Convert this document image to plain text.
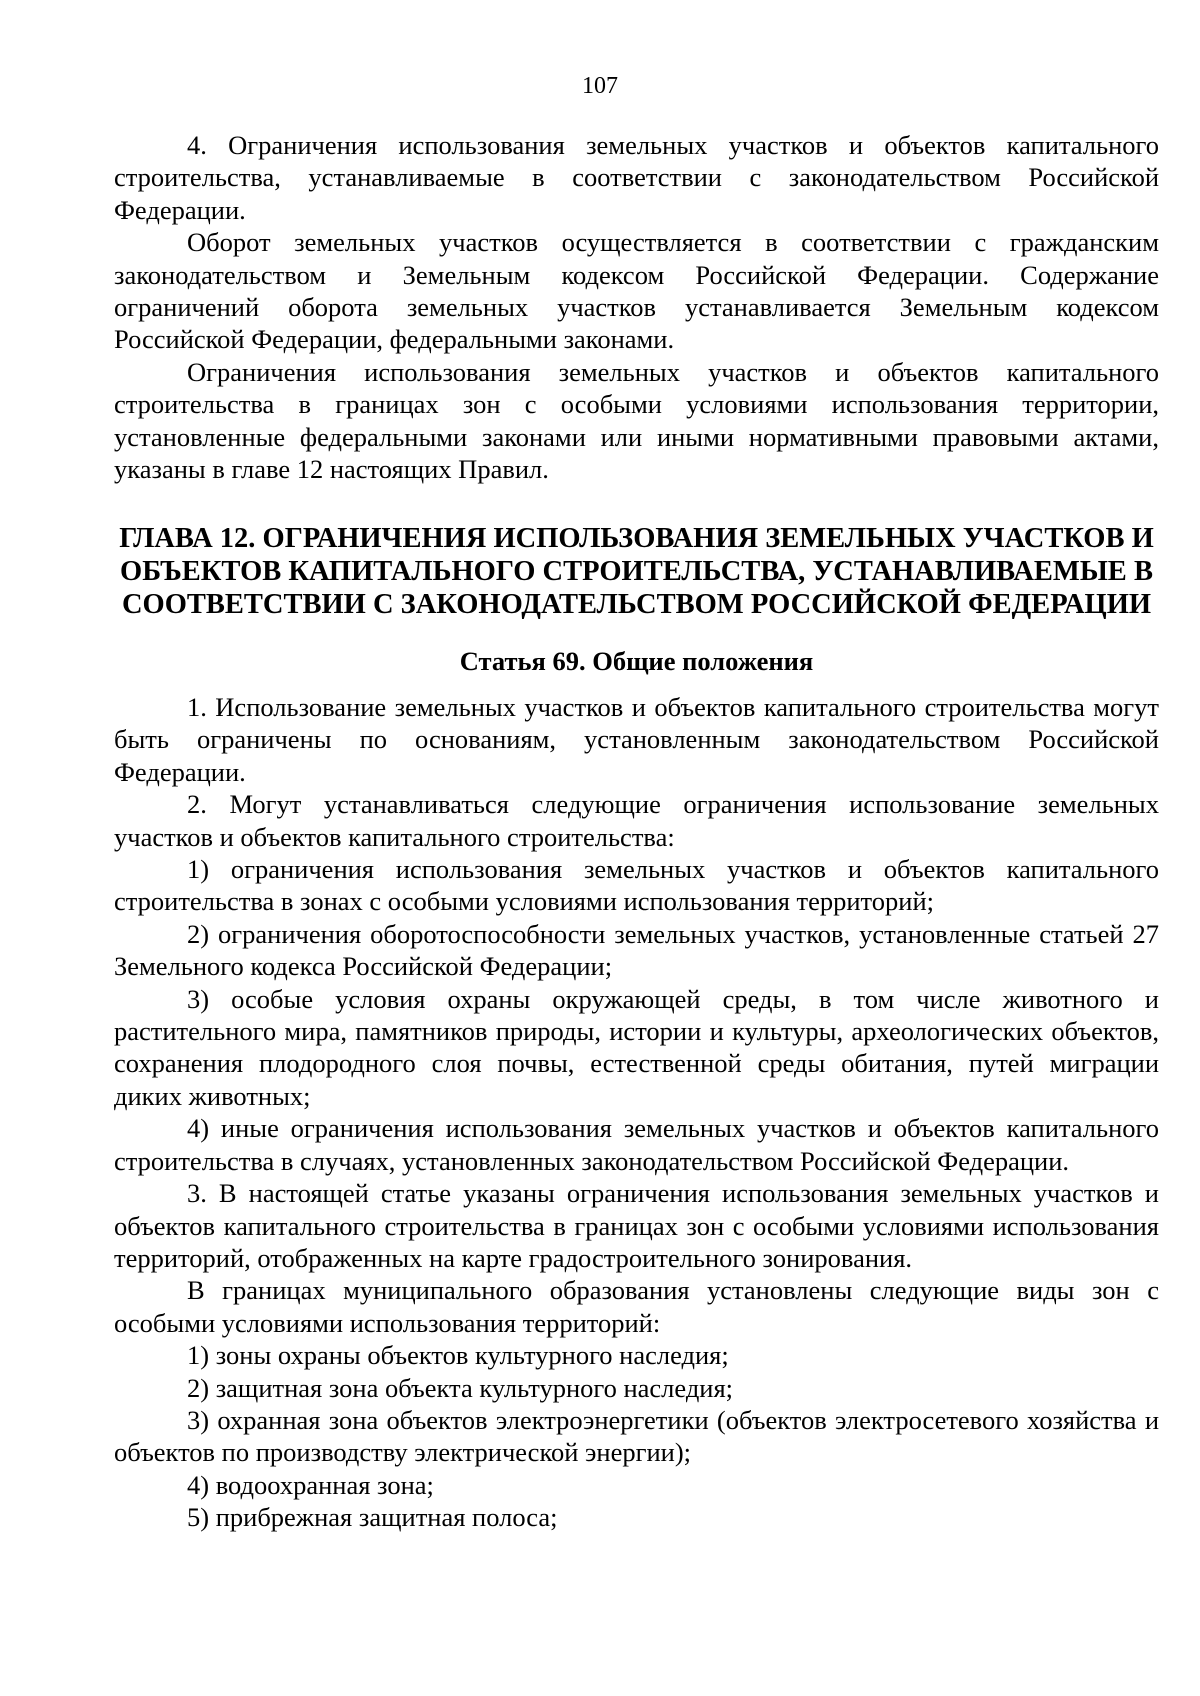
107

4. Ограничения использования земельных участков и объектов капитального строительства, устанавливаемые в соответствии с законодательством Российской Федерации.

Оборот земельных участков осуществляется в соответствии с гражданским законодательством и Земельным кодексом Российской Федерации. Содержание ограничений оборота земельных участков устанавливается Земельным кодексом Российской Федерации, федеральными законами.

Ограничения использования земельных участков и объектов капитального строительства в границах зон с особыми условиями использования территории, установленные федеральными законами или иными нормативными правовыми актами, указаны в главе 12 настоящих Правил.

ГЛАВА 12. ОГРАНИЧЕНИЯ ИСПОЛЬЗОВАНИЯ ЗЕМЕЛЬНЫХ УЧАСТКОВ И ОБЪЕКТОВ КАПИТАЛЬНОГО СТРОИТЕЛЬСТВА, УСТАНАВЛИВАЕМЫЕ В СООТВЕТСТВИИ С ЗАКОНОДАТЕЛЬСТВОМ РОССИЙСКОЙ ФЕДЕРАЦИИ
Статья 69. Общие положения

1. Использование земельных участков и объектов капитального строительства могут быть ограничены по основаниям, установленным законодательством Российской Федерации.

2. Могут устанавливаться следующие ограничения использование земельных участков и объектов капитального строительства:

1) ограничения использования земельных участков и объектов капитального строительства в зонах с особыми условиями использования территорий;

2) ограничения оборотоспособности земельных участков, установленные статьей 27 Земельного кодекса Российской Федерации;

3) особые условия охраны окружающей среды, в том числе животного и растительного мира, памятников природы, истории и культуры, археологических объектов, сохранения плодородного слоя почвы, естественной среды обитания, путей миграции диких животных;

4) иные ограничения использования земельных участков и объектов капитального строительства в случаях, установленных законодательством Российской Федерации.

3. В настоящей статье указаны ограничения использования земельных участков и объектов капитального строительства в границах зон с особыми условиями использования территорий, отображенных на карте градостроительного зонирования.

В границах муниципального образования установлены следующие виды зон с особыми условиями использования территорий:

1) зоны охраны объектов культурного наследия;

2) защитная зона объекта культурного наследия;

3) охранная зона объектов электроэнергетики (объектов электросетевого хозяйства и объектов по производству электрической энергии);

4) водоохранная зона;

5) прибрежная защитная полоса;
